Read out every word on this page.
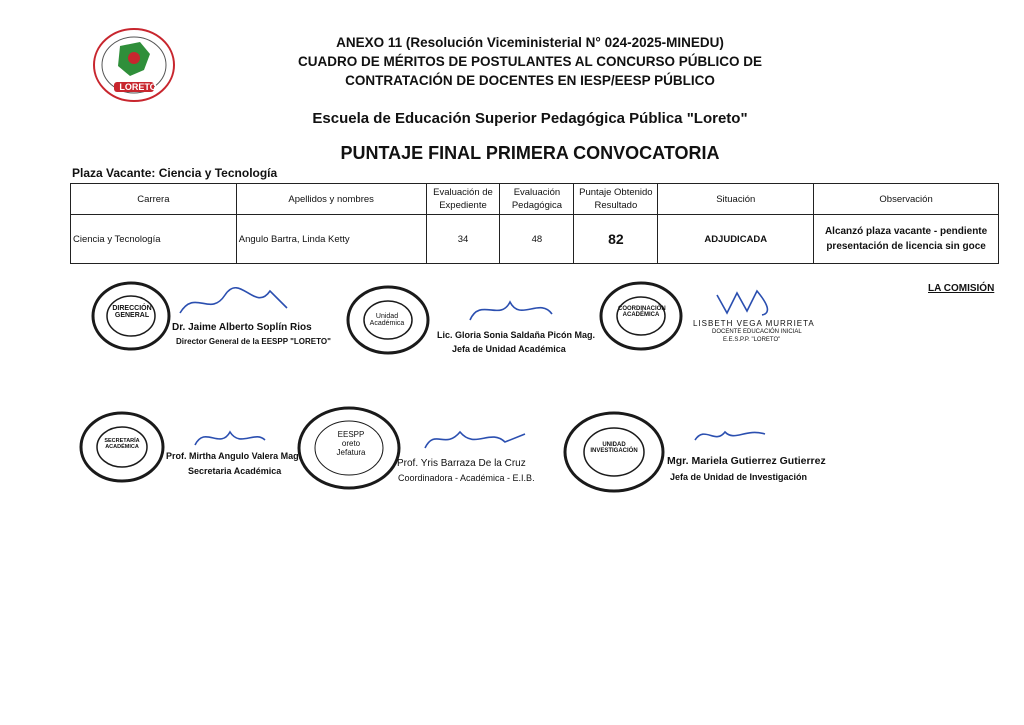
LORETO
ANEXO 11 (Resolución Viceministerial N° 024-2025-MINEDU)
CUADRO DE MÉRITOS DE POSTULANTES AL CONCURSO PÚBLICO DE
CONTRATACIÓN DE DOCENTES EN IESP/EESP PÚBLICO
Escuela de Educación Superior Pedagógica Pública "Loreto"
PUNTAJE FINAL PRIMERA CONVOCATORIA
Plaza Vacante: Ciencia y Tecnología
Carrera	Apellidos y nombres	Evaluación de Expediente	Evaluación Pedagógica	Puntaje Obtenido Resultado	Situación	Observación
Ciencia y Tecnología	Angulo Bartra, Linda Ketty	34	48	82	ADJUDICADA	Alcanzó plaza vacante - pendiente
presentación de licencia sin goce
LA COMISIÓN
DIRECCIÓN GENERAL
Dr. Jaime Alberto Soplín Rios
Director General de la EESPP "LORETO"
Unidad Académica
Lic. Gloria Sonia Saldaña Picón Mag.
Jefa de Unidad Académica
COORDINACIÓN ACADÉMICA
LISBETH VEGA MURRIETA
DOCENTE EDUCACIÓN INICIAL
E.E.S.P.P. "LORETO"
SECRETARÍA ACADÉMICA
Prof. Mirtha Angulo Valera Mag.
Secretaria Académica
EESPP oreto Jefatura
Prof. Yris Barraza De la Cruz
Coordinadora - Académica - E.I.B.
UNIDAD INVESTIGACIÓN
Mgr. Mariela Gutierrez Gutierrez
Jefa de Unidad de Investigación
